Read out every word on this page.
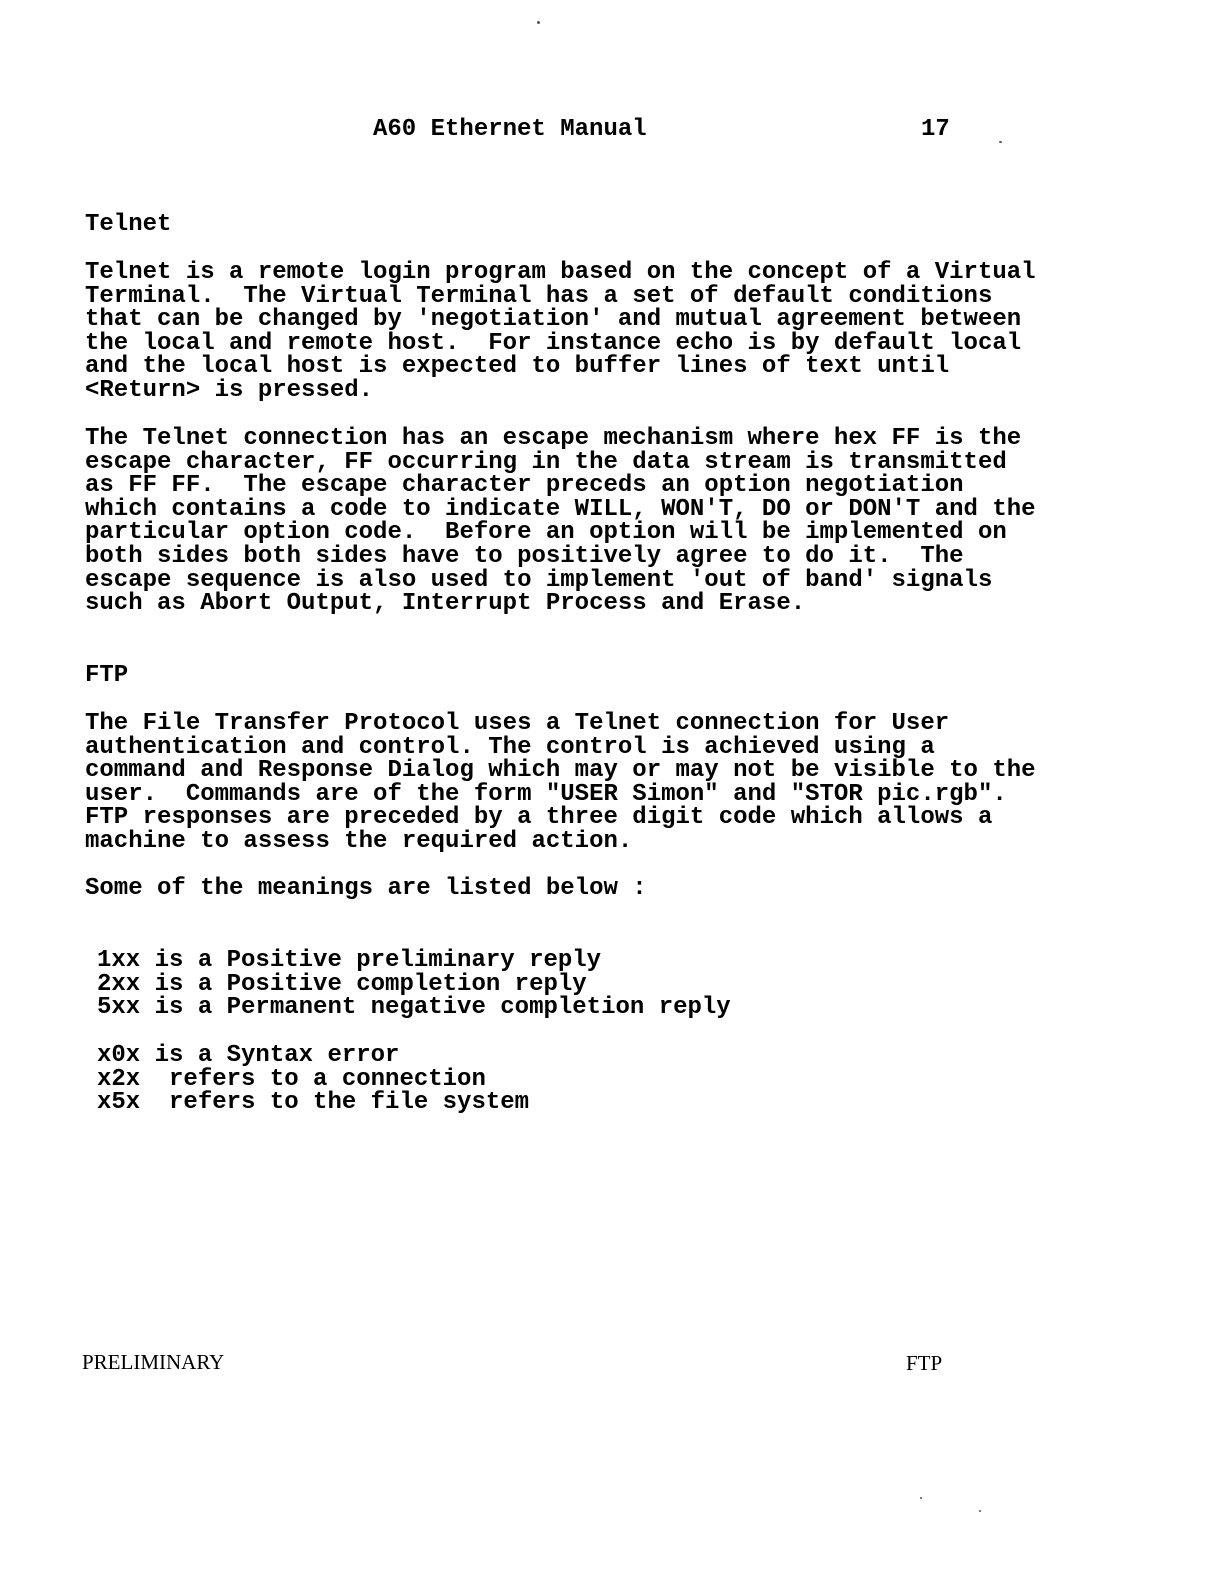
A60 Ethernet Manual	17
Telnet
Telnet is a remote login program based on the concept of a Virtual
Terminal.  The Virtual Terminal has a set of default conditions
that can be changed by 'negotiation' and mutual agreement between
the local and remote host.  For instance echo is by default local
and the local host is expected to buffer lines of text until
<Return> is pressed.
The Telnet connection has an escape mechanism where hex FF is the
escape character, FF occurring in the data stream is transmitted
as FF FF.  The escape character preceds an option negotiation
which contains a code to indicate WILL, WON'T, DO or DON'T and the
particular option code.  Before an option will be implemented on
both sides both sides have to positively agree to do it.  The
escape sequence is also used to implement 'out of band' signals
such as Abort Output, Interrupt Process and Erase.
FTP
The File Transfer Protocol uses a Telnet connection for User
authentication and control. The control is achieved using a
command and Response Dialog which may or may not be visible to the
user.  Commands are of the form "USER Simon" and "STOR pic.rgb".
FTP responses are preceded by a three digit code which allows a
machine to assess the required action.
Some of the meanings are listed below :
1xx is a Positive preliminary reply
2xx is a Positive completion reply
5xx is a Permanent negative completion reply
x0x is a Syntax error
x2x  refers to a connection
x5x  refers to the file system
PRELIMINARY	FTP
